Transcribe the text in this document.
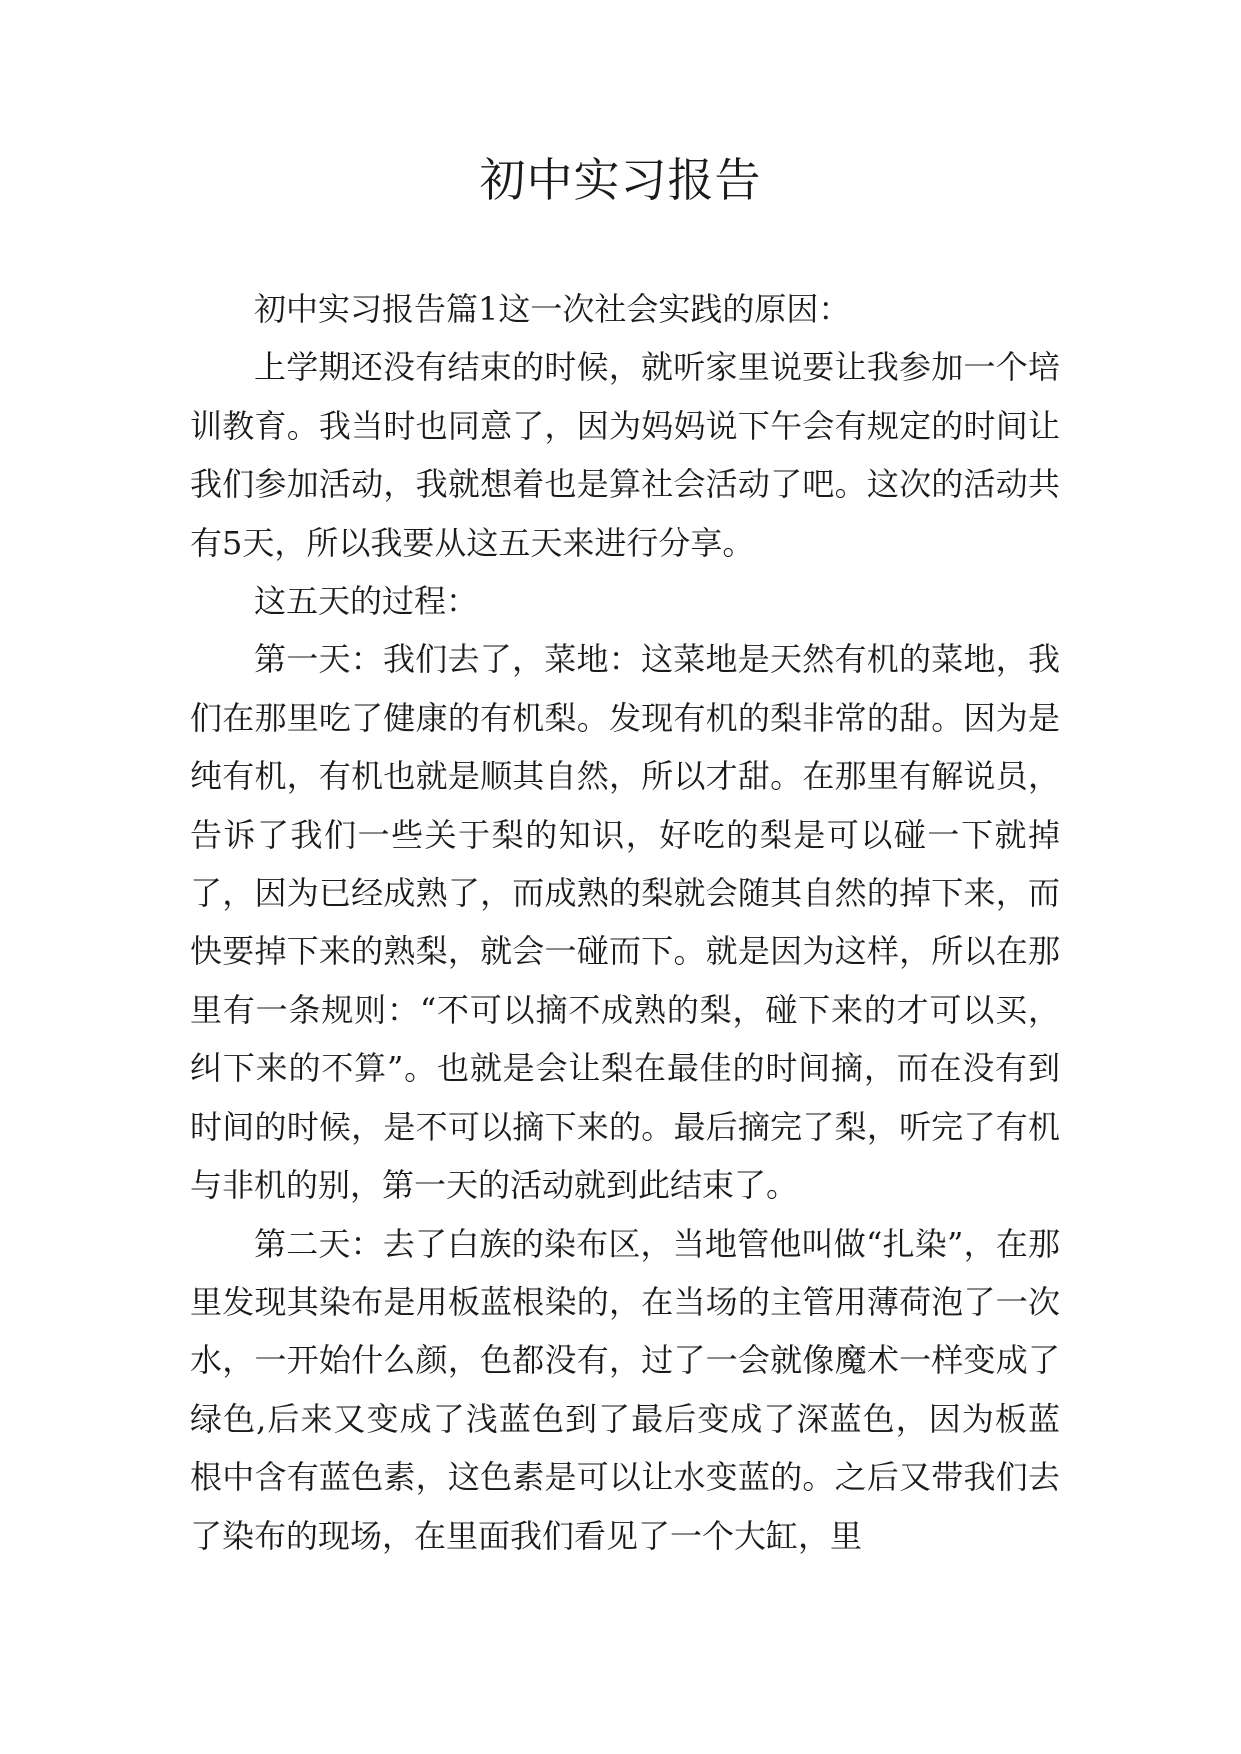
初中实习报告

初中实习报告篇1这一次社会实践的原因：

上学期还没有结束的时候，就听家里说要让我参加一个培训教育。我当时也同意了，因为妈妈说下午会有规定的时间让我们参加活动，我就想着也是算社会活动了吧。这次的活动共有5天，所以我要从这五天来进行分享。

这五天的过程：

第一天：我们去了，菜地：这菜地是天然有机的菜地，我们在那里吃了健康的有机梨。发现有机的梨非常的甜。因为是纯有机，有机也就是顺其自然，所以才甜。在那里有解说员，告诉了我们一些关于梨的知识，好吃的梨是可以碰一下就掉了，因为已经成熟了，而成熟的梨就会随其自然的掉下来，而快要掉下来的熟梨，就会一碰而下。就是因为这样，所以在那里有一条规则：“不可以摘不成熟的梨，碰下来的才可以买，纠下来的不算”。也就是会让梨在最佳的时间摘，而在没有到时间的时候，是不可以摘下来的。最后摘完了梨，听完了有机与非机的别，第一天的活动就到此结束了。

第二天：去了白族的染布区，当地管他叫做“扎染”，在那里发现其染布是用板蓝根染的，在当场的主管用薄荷泡了一次水，一开始什么颜，色都没有，过了一会就像魔术一样变成了绿色,后来又变成了浅蓝色到了最后变成了深蓝色，因为板蓝根中含有蓝色素，这色素是可以让水变蓝的。之后又带我们去了染布的现场，在里面我们看见了一个大缸，里
